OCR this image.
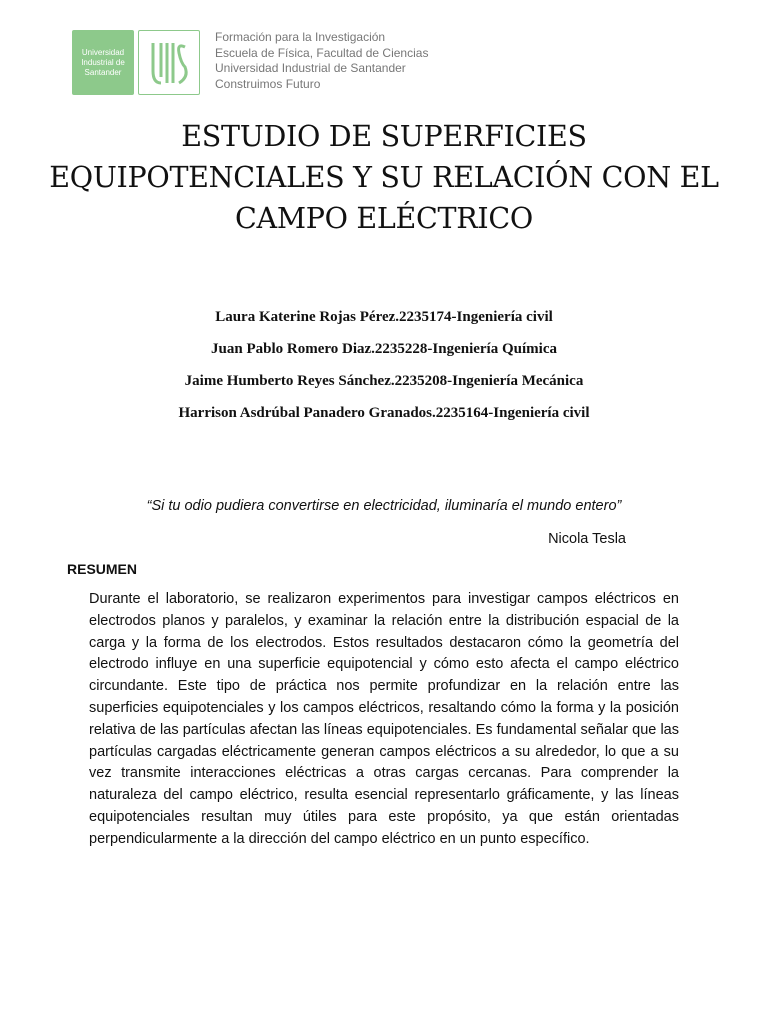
Universidad
Industrial de
Santander
Formación para la Investigación
Escuela de Física, Facultad de Ciencias
Universidad Industrial de Santander
Construimos Futuro
ESTUDIO DE SUPERFICIES
EQUIPOTENCIALES Y SU RELACIÓN CON EL
CAMPO ELÉCTRICO
Laura Katerine Rojas Pérez.2235174-Ingeniería civil
Juan Pablo Romero Diaz.2235228-Ingeniería Química
Jaime Humberto Reyes Sánchez.2235208-Ingeniería Mecánica
Harrison Asdrúbal Panadero Granados.2235164-Ingeniería civil
“Si tu odio pudiera convertirse en electricidad, iluminaría el mundo entero”
Nicola Tesla
RESUMEN
Durante el laboratorio, se realizaron experimentos para investigar campos eléctricos en electrodos planos y paralelos, y examinar la relación entre la distribución espacial de la carga y la forma de los electrodos. Estos resultados destacaron cómo la geometría del electrodo influye en una superficie equipotencial y cómo esto afecta el campo eléctrico circundante. Este tipo de práctica nos permite profundizar en la relación entre las superficies equipotenciales y los campos eléctricos, resaltando cómo la forma y la posición relativa de las partículas afectan las líneas equipotenciales. Es fundamental señalar que las partículas cargadas eléctricamente generan campos eléctricos a su alrededor, lo que a su vez transmite interacciones eléctricas a otras cargas cercanas. Para comprender la naturaleza del campo eléctrico, resulta esencial representarlo gráficamente, y las líneas equipotenciales resultan muy útiles para este propósito, ya que están orientadas perpendicularmente a la dirección del campo eléctrico en un punto específico.
